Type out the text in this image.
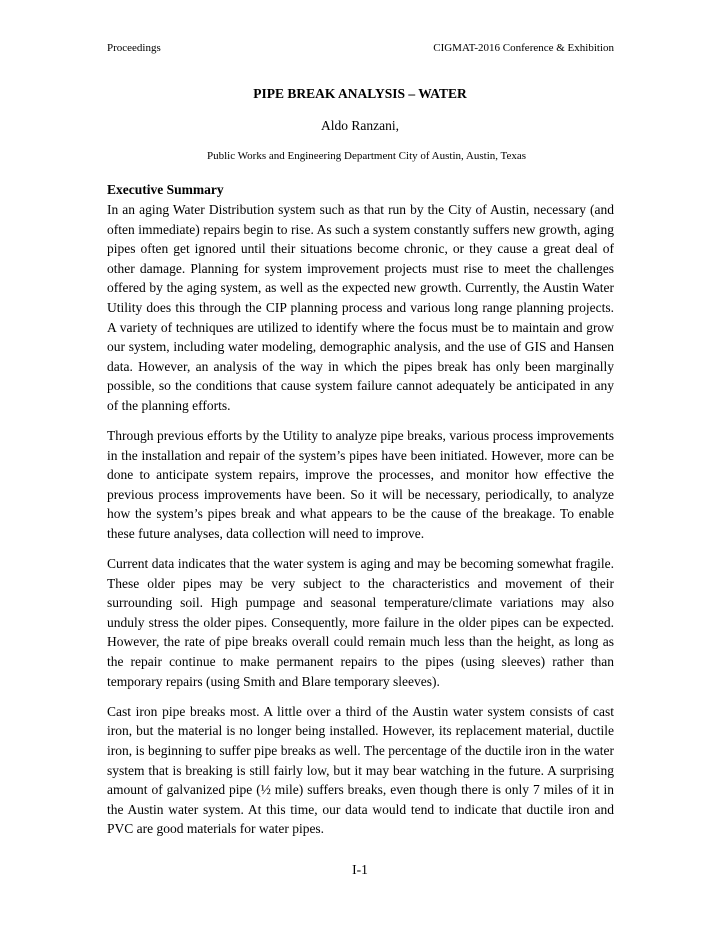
Proceedings	CIGMAT-2016 Conference & Exhibition
PIPE BREAK ANALYSIS – WATER
Aldo Ranzani,
Public Works and Engineering Department City of Austin, Austin, Texas
Executive Summary

In an aging Water Distribution system such as that run by the City of Austin, necessary (and often immediate) repairs begin to rise. As such a system constantly suffers new growth, aging pipes often get ignored until their situations become chronic, or they cause a great deal of other damage. Planning for system improvement projects must rise to meet the challenges offered by the aging system, as well as the expected new growth. Currently, the Austin Water Utility does this through the CIP planning process and various long range planning projects. A variety of techniques are utilized to identify where the focus must be to maintain and grow our system, including water modeling, demographic analysis, and the use of GIS and Hansen data. However, an analysis of the way in which the pipes break has only been marginally possible, so the conditions that cause system failure cannot adequately be anticipated in any of the planning efforts.

Through previous efforts by the Utility to analyze pipe breaks, various process improvements in the installation and repair of the system’s pipes have been initiated. However, more can be done to anticipate system repairs, improve the processes, and monitor how effective the previous process improvements have been. So it will be necessary, periodically, to analyze how the system’s pipes break and what appears to be the cause of the breakage. To enable these future analyses, data collection will need to improve.

Current data indicates that the water system is aging and may be becoming somewhat fragile. These older pipes may be very subject to the characteristics and movement of their surrounding soil. High pumpage and seasonal temperature/climate variations may also unduly stress the older pipes. Consequently, more failure in the older pipes can be expected. However, the rate of pipe breaks overall could remain much less than the height, as long as the repair continue to make permanent repairs to the pipes (using sleeves) rather than temporary repairs (using Smith and Blare temporary sleeves).

Cast iron pipe breaks most. A little over a third of the Austin water system consists of cast iron, but the material is no longer being installed. However, its replacement material, ductile iron, is beginning to suffer pipe breaks as well. The percentage of the ductile iron in the water system that is breaking is still fairly low, but it may bear watching in the future. A surprising amount of galvanized pipe (½ mile) suffers breaks, even though there is only 7 miles of it in the Austin water system. At this time, our data would tend to indicate that ductile iron and PVC are good materials for water pipes.

I-1
